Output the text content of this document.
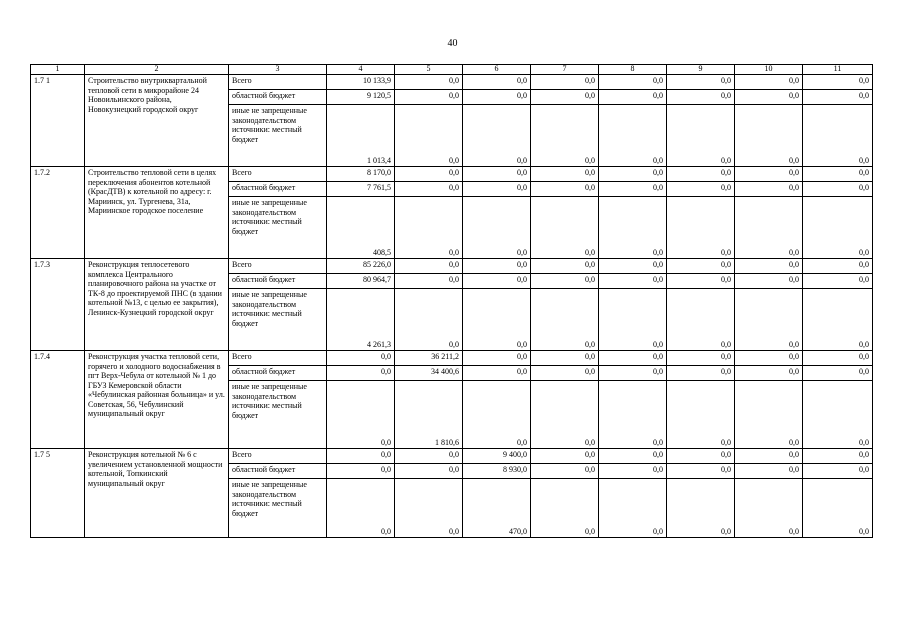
40
1	2	3	4	5	6	7	8	9	10	11
1.7 1	Строительство внутриквартальной тепловой сети в микрорайоне 24 Новоильинского района, Новокузнецкий городской округ	Всего	10 133,9	0,0	0,0	0,0	0,0	0,0	0,0	0,0
		областной бюджет	9 120,5	0,0	0,0	0,0	0,0	0,0	0,0	0,0
		иные не запрещенные законодательством источники: местный бюджет	1 013,4	0,0	0,0	0,0	0,0	0,0	0,0	0,0
1.7.2	Строительство тепловой сети в целях переключения абонентов котельной (КрасДТВ) к котельной по адресу: г. Мариинск, ул. Тургенева, 31а, Мариинское городское поселение	Всего	8 170,0	0,0	0,0	0,0	0,0	0,0	0,0	0,0
		областной бюджет	7 761,5	0,0	0,0	0,0	0,0	0,0	0,0	0,0
		иные не запрещенные законодательством источники: местный бюджет	408,5	0,0	0,0	0,0	0,0	0,0	0,0	0,0
1.7.3	Реконструкция теплосетевого комплекса Центрального планировочного района на участке от ТК-8 до проектируемой ПНС (в здании котельной №13, с целью ее закрытия), Ленинск-Кузнецкий городской округ	Всего	85 226,0	0,0	0,0	0,0	0,0	0,0	0,0	0,0
		областной бюджет	80 964,7	0,0	0,0	0,0	0,0	0,0	0,0	0,0
		иные не запрещенные законодательством источники: местный бюджет	4 261,3	0,0	0,0	0,0	0,0	0,0	0,0	0,0
1.7.4	Реконструкция участка тепловой сети, горячего и холодного водоснабжения в пгт Верх-Чебула от котельной № 1 до ГБУЗ Кемеровской области «Чебулинская районная больница» и ул. Советская, 56, Чебулинский муниципальный округ	Всего	0,0	36 211,2	0,0	0,0	0,0	0,0	0,0	0,0
		областной бюджет	0,0	34 400,6	0,0	0,0	0,0	0,0	0,0	0,0
		иные не запрещенные законодательством источники: местный бюджет	0,0	1 810,6	0,0	0,0	0,0	0,0	0,0	0,0
1.7 5	Реконструкция котельной № 6 с увеличением установленной мощности котельной, Топкинский муниципальный округ	Всего	0,0	0,0	9 400,0	0,0	0,0	0,0	0,0	0,0
		областной бюджет	0,0	0,0	8 930,0	0,0	0,0	0,0	0,0	0,0
		иные не запрещенные законодательством источники: местный бюджет	0,0	0,0	470,0	0,0	0,0	0,0	0,0	0,0
